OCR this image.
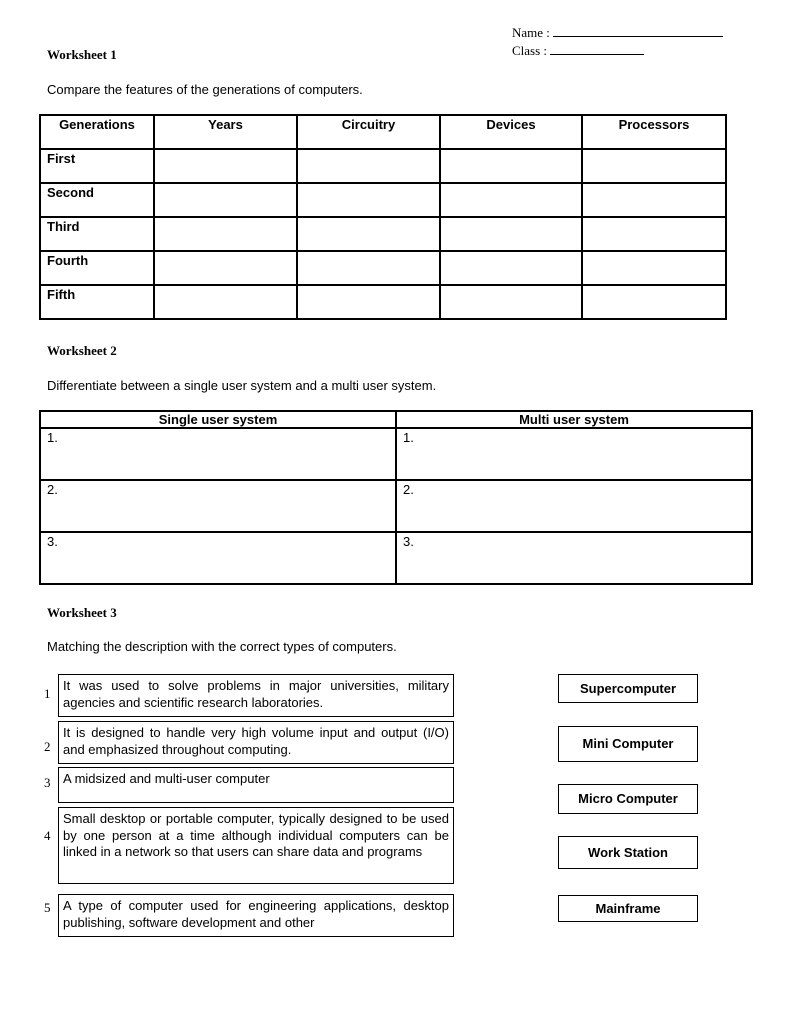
Name :
Class :
Worksheet 1
Compare the features of the generations of computers.
Generations	Years	Circuitry	Devices	Processors
First				
Second				
Third				
Fourth				
Fifth				
Worksheet 2
Differentiate between a single user system and a multi user system.
Single user system	Multi user system
1.	1.
2.	2.
3.	3.
Worksheet 3
Matching the description with the correct types of computers.
1
2
3
4
5
It was used to solve problems in major universities, military agencies and scientific research laboratories.
It is designed to handle very high volume input and output (I/O) and emphasized throughout computing.
A midsized and multi-user computer
Small desktop or portable computer, typically designed to be used by one person at a time although individual computers can be linked in a network so that users can share data and programs
A type of computer used for engineering applications, desktop publishing, software development and other
Supercomputer
Mini Computer
Micro Computer
Work Station
Mainframe
